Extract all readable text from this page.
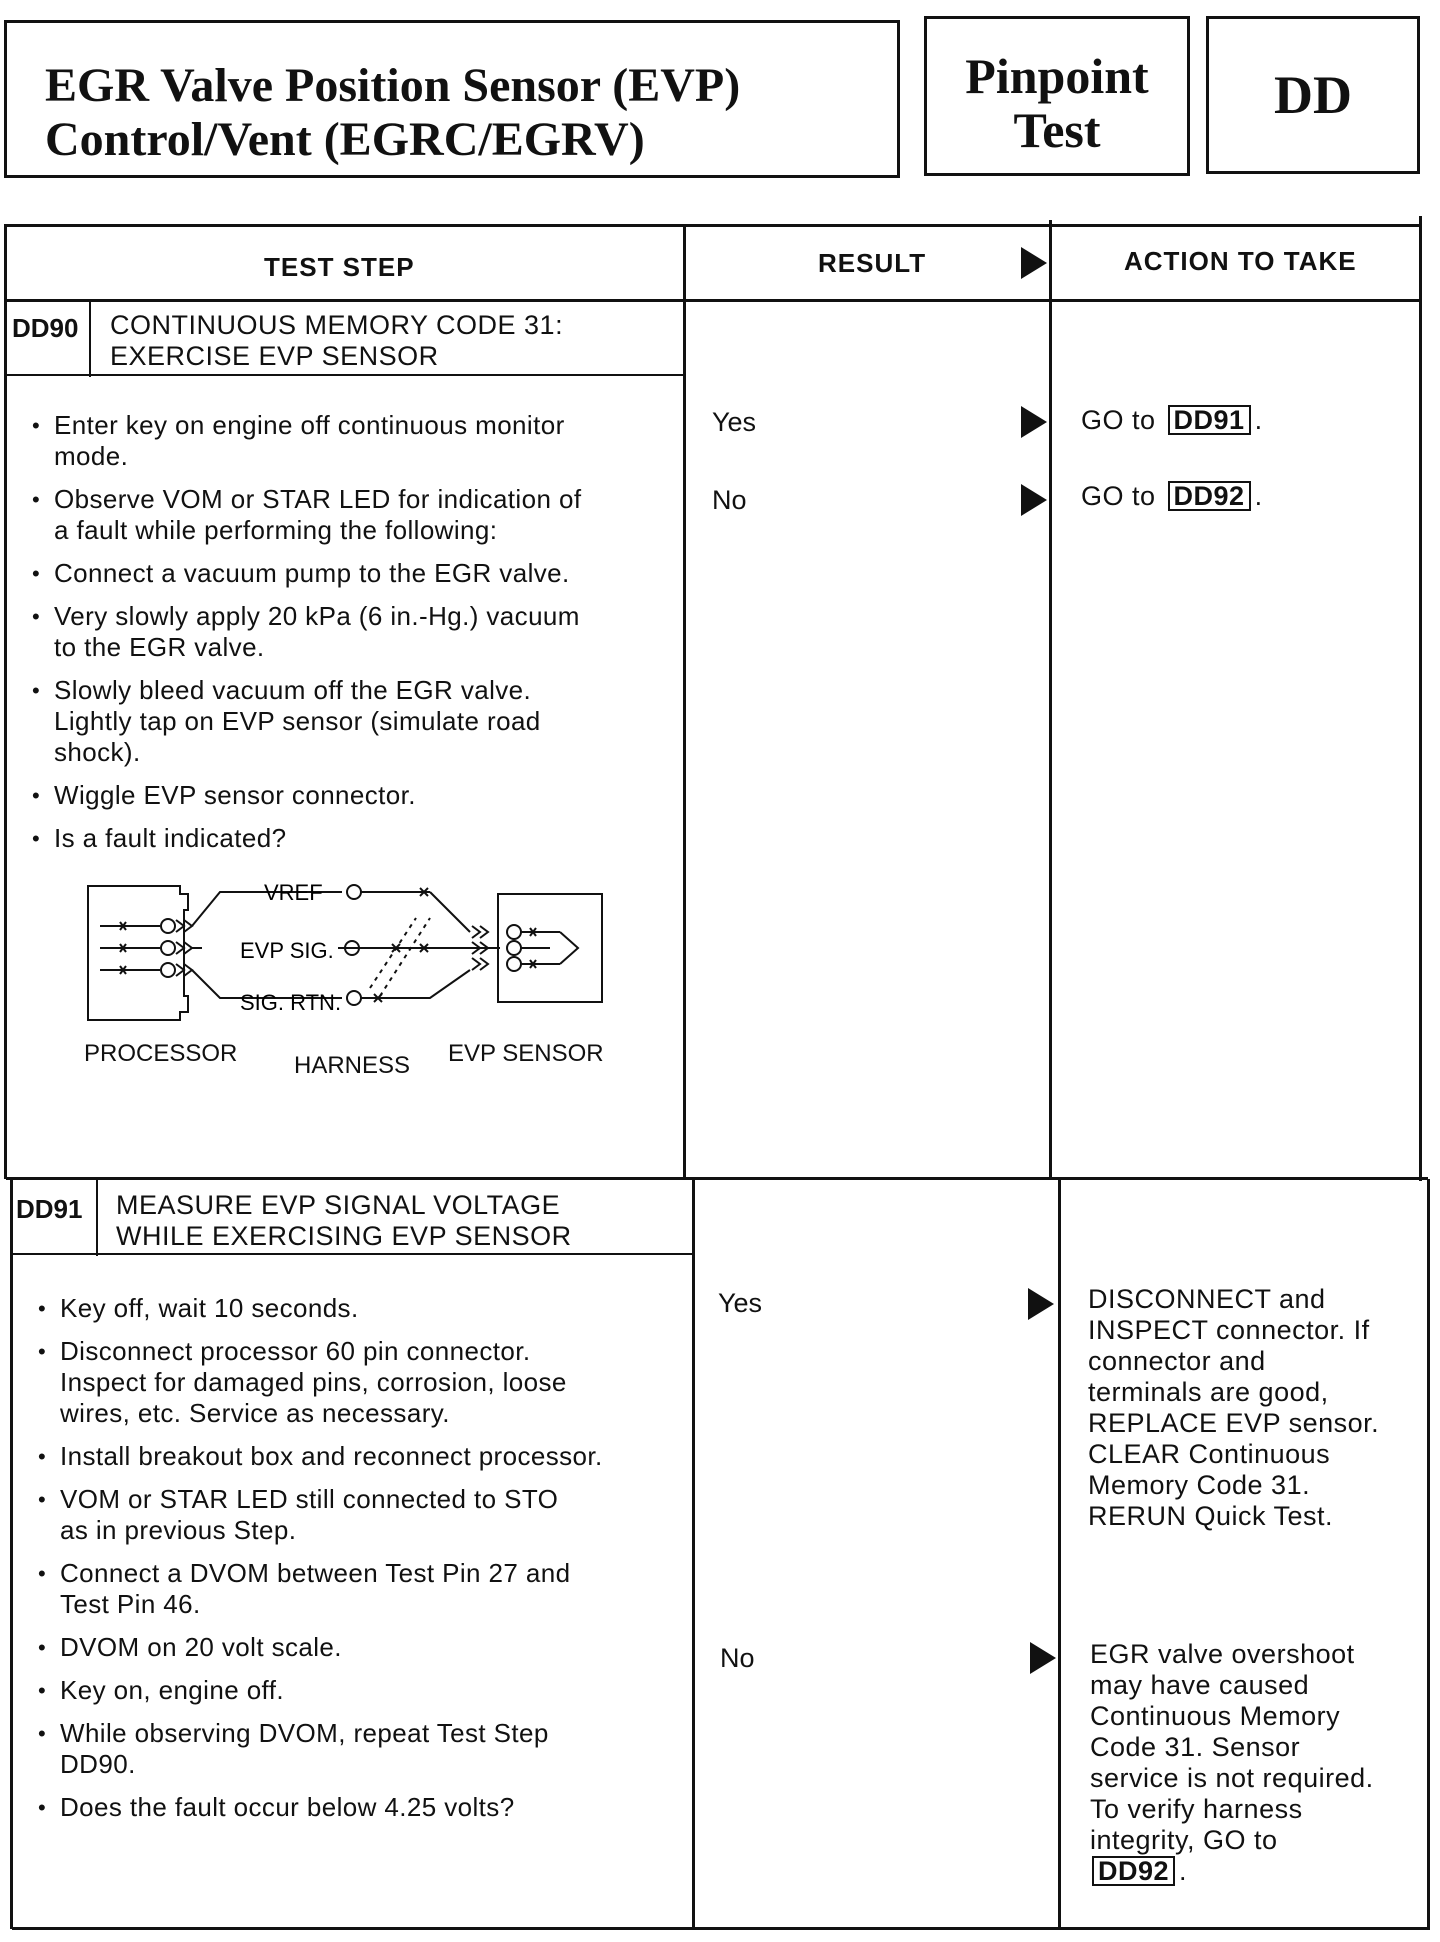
EGR Valve Position Sensor (EVP)
Control/Vent (EGRC/EGRV)
Pinpoint
Test
DD
TEST STEP	RESULT	ACTION TO TAKE
DD90 CONTINUOUS MEMORY CODE 31:
EXERCISE EVP SENSOR
• Enter key on engine off continuous monitor
mode.
• Observe VOM or STAR LED for indication of
a fault while performing the following:
• Connect a vacuum pump to the EGR valve.
• Very slowly apply 20 kPa (6 in.-Hg.) vacuum
to the EGR valve.
• Slowly bleed vacuum off the EGR valve.
Lightly tap on EVP sensor (simulate road
shock).
• Wiggle EVP sensor connector.
• Is a fault indicated?
VREF
EVP SIG.
SIG. RTN.
PROCESSOR HARNESS EVP SENSOR
Yes	GO to DD91 .
No	GO to DD92 .
DD91 MEASURE EVP SIGNAL VOLTAGE
WHILE EXERCISING EVP SENSOR
• Key off, wait 10 seconds.
• Disconnect processor 60 pin connector.
Inspect for damaged pins, corrosion, loose
wires, etc. Service as necessary.
• Install breakout box and reconnect processor.
• VOM or STAR LED still connected to STO
as in previous Step.
• Connect a DVOM between Test Pin 27 and
Test Pin 46.
• DVOM on 20 volt scale.
• Key on, engine off.
• While observing DVOM, repeat Test Step
DD90.
• Does the fault occur below 4.25 volts?
Yes	DISCONNECT and
INSPECT connector. If
connector and
terminals are good,
REPLACE EVP sensor.
CLEAR Continuous
Memory Code 31.
RERUN Quick Test.
No	EGR valve overshoot
may have caused
Continuous Memory
Code 31. Sensor
service is not required.
To verify harness
integrity, GO to
DD92 .
